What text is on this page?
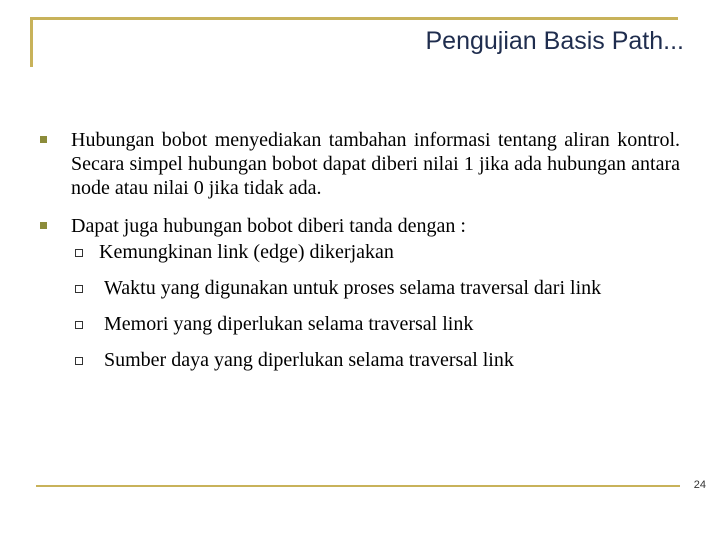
Pengujian Basis Path...
Hubungan bobot menyediakan tambahan informasi tentang aliran kontrol. Secara simpel hubungan bobot dapat diberi nilai 1 jika ada hubungan antara node atau nilai 0 jika tidak ada.
Dapat juga hubungan bobot diberi tanda dengan :
Kemungkinan link (edge) dikerjakan
Waktu yang digunakan untuk proses selama traversal dari link
Memori yang diperlukan selama traversal link
Sumber daya yang diperlukan selama traversal link
24
